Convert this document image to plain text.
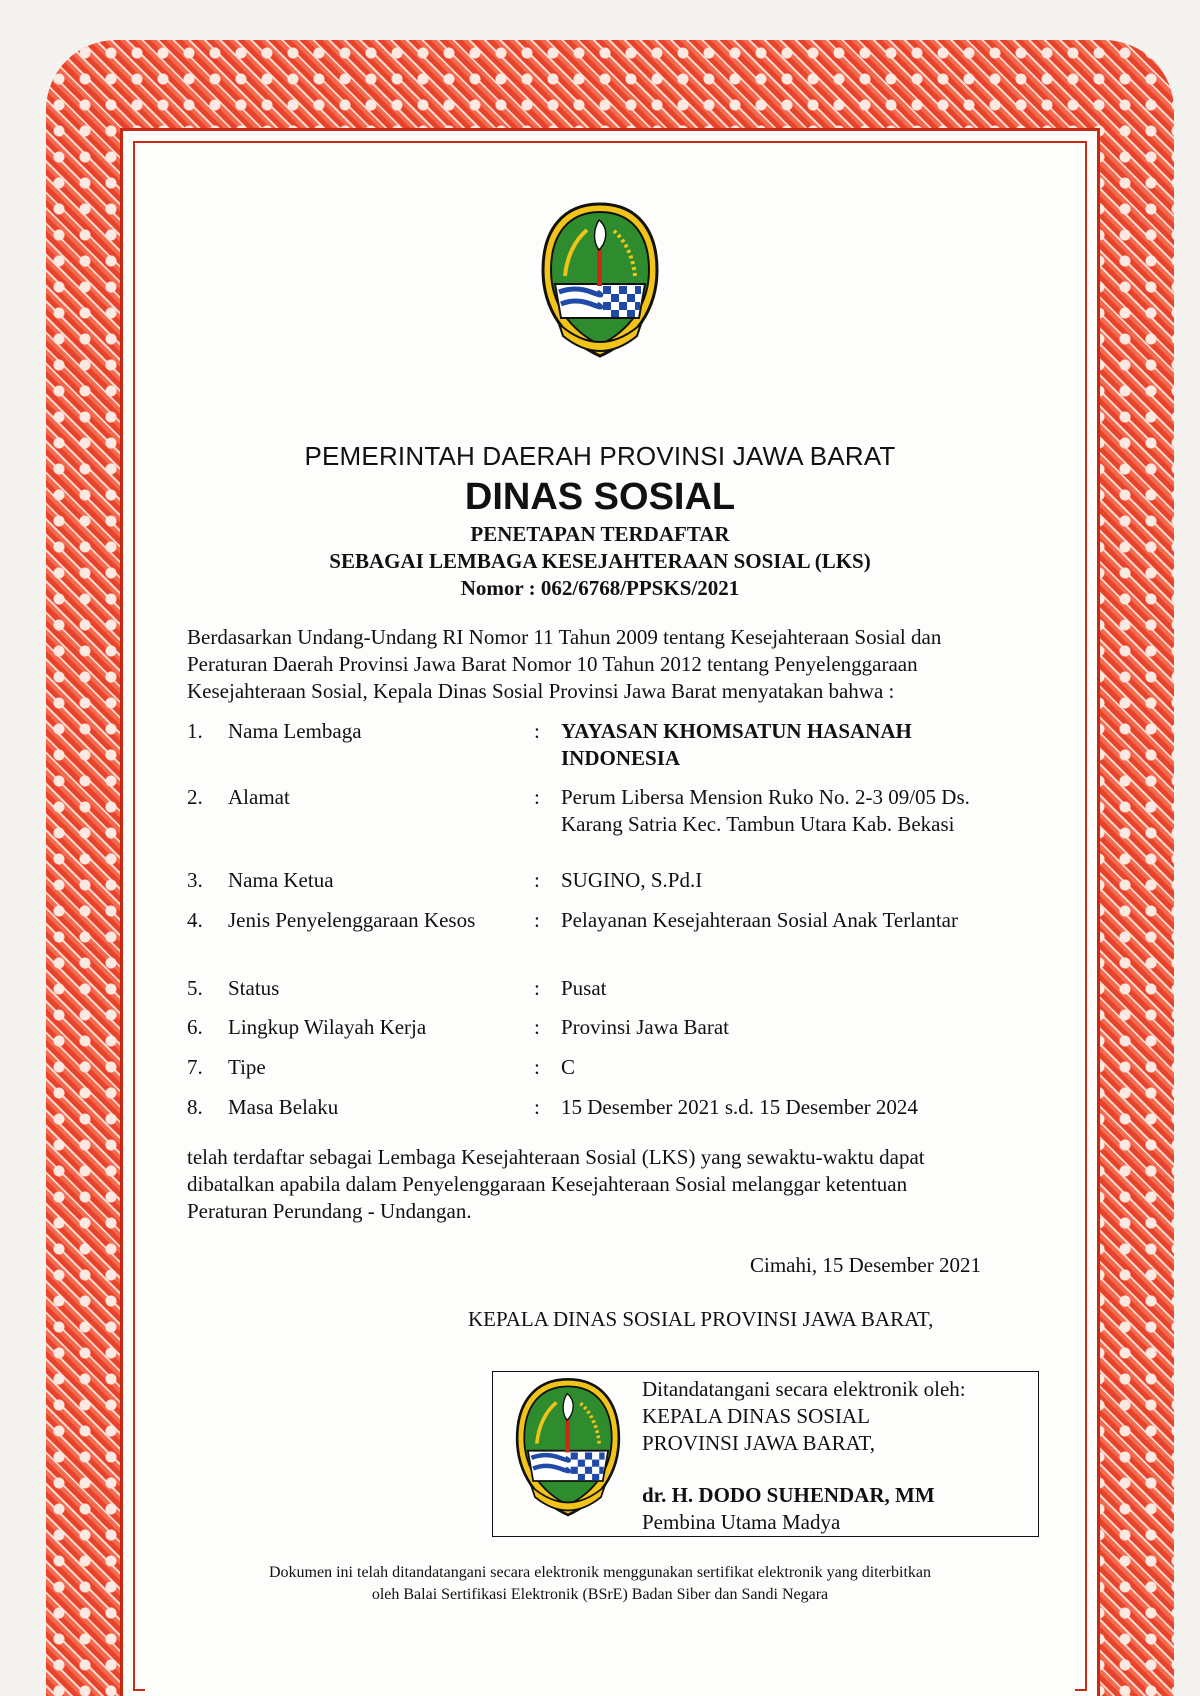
PEMERINTAH DAERAH PROVINSI JAWA BARAT
DINAS SOSIAL
PENETAPAN TERDAFTAR
SEBAGAI LEMBAGA KESEJAHTERAAN SOSIAL (LKS)
Nomor : 062/6768/PPSKS/2021
Berdasarkan Undang-Undang RI Nomor 11 Tahun 2009 tentang Kesejahteraan Sosial dan
Peraturan Daerah Provinsi Jawa Barat Nomor 10 Tahun 2012 tentang Penyelenggaraan
Kesejahteraan Sosial, Kepala Dinas Sosial Provinsi Jawa Barat menyatakan bahwa :
1. Nama Lembaga	: YAYASAN KHOMSATUN HASANAH
INDONESIA
2. Alamat	: Perum Libersa Mension Ruko No. 2-3 09/05 Ds.
Karang Satria Kec. Tambun Utara Kab. Bekasi
3. Nama Ketua	: SUGINO, S.Pd.I
4. Jenis Penyelenggaraan Kesos	: Pelayanan Kesejahteraan Sosial Anak Terlantar
5. Status	: Pusat
6. Lingkup Wilayah Kerja	: Provinsi Jawa Barat
7. Tipe	: C
8. Masa Belaku	: 15 Desember 2021 s.d. 15 Desember 2024
telah terdaftar sebagai Lembaga Kesejahteraan Sosial (LKS) yang sewaktu-waktu dapat
dibatalkan apabila dalam Penyelenggaraan Kesejahteraan Sosial melanggar ketentuan
Peraturan Perundang - Undangan.
Cimahi, 15 Desember 2021
KEPALA DINAS SOSIAL PROVINSI JAWA BARAT,
Ditandatangani secara elektronik oleh:
KEPALA DINAS SOSIAL
PROVINSI JAWA BARAT,
dr. H. DODO SUHENDAR, MM
Pembina Utama Madya
Dokumen ini telah ditandatangani secara elektronik menggunakan sertifikat elektronik yang diterbitkan
oleh Balai Sertifikasi Elektronik (BSrE) Badan Siber dan Sandi Negara
